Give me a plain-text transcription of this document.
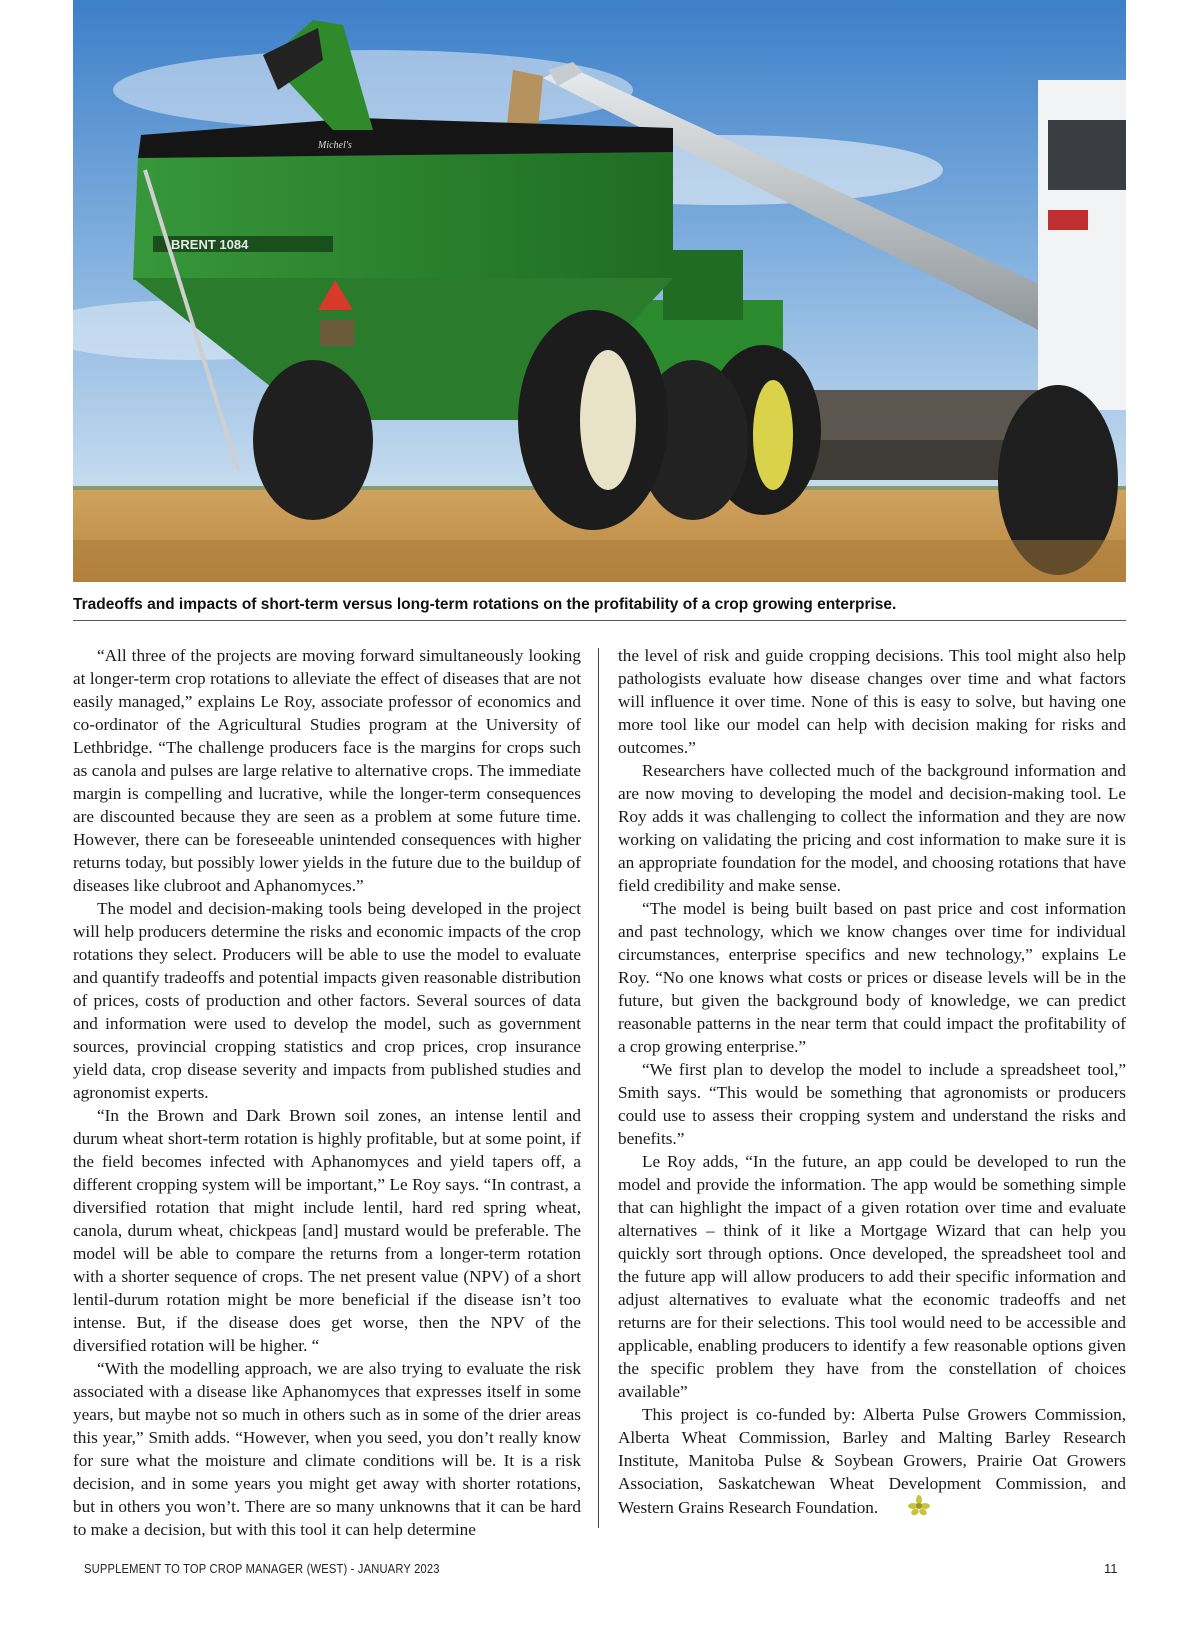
BRENT 1084
Michel's
Tradeoffs and impacts of short-term versus long-term rotations on the profitability of a crop growing enterprise.

“All three of the projects are moving forward simultaneously looking at longer-term crop rotations to alleviate the effect of diseases that are not easily managed,” explains Le Roy, associate professor of economics and co-ordinator of the Agricultural Studies program at the University of Lethbridge. “The challenge producers face is the margins for crops such as canola and pulses are large relative to alternative crops. The immediate margin is compelling and lucrative, while the longer-term consequences are discounted because they are seen as a problem at some future time. However, there can be foreseeable unintended consequences with higher returns today, but possibly lower yields in the future due to the buildup of diseases like clubroot and Aphanomyces.”

The model and decision-making tools being developed in the project will help producers determine the risks and economic impacts of the crop rotations they select. Producers will be able to use the model to evaluate and quantify tradeoffs and potential impacts given reasonable distribution of prices, costs of production and other factors. Several sources of data and information were used to develop the model, such as government sources, provincial cropping statistics and crop prices, crop insurance yield data, crop disease severity and impacts from published studies and agronomist experts.

“In the Brown and Dark Brown soil zones, an intense lentil and durum wheat short-term rotation is highly profitable, but at some point, if the field becomes infected with Aphanomyces and yield tapers off, a different cropping system will be important,” Le Roy says. “In contrast, a diversified rotation that might include lentil, hard red spring wheat, canola, durum wheat, chickpeas [and] mustard would be preferable. The model will be able to compare the returns from a longer-term rotation with a shorter sequence of crops. The net present value (NPV) of a short lentil-durum rotation might be more beneficial if the disease isn’t too intense. But, if the disease does get worse, then the NPV of the diversified rotation will be higher. “

“With the modelling approach, we are also trying to evaluate the risk associated with a disease like Aphanomyces that expresses itself in some years, but maybe not so much in others such as in some of the drier areas this year,” Smith adds. “However, when you seed, you don’t really know for sure what the moisture and climate conditions will be. It is a risk decision, and in some years you might get away with shorter rotations, but in others you won’t. There are so many unknowns that it can be hard to make a decision, but with this tool it can help determine

the level of risk and guide cropping decisions. This tool might also help pathologists evaluate how disease changes over time and what factors will influence it over time. None of this is easy to solve, but having one more tool like our model can help with decision making for risks and outcomes.”

Researchers have collected much of the background information and are now moving to developing the model and decision-making tool. Le Roy adds it was challenging to collect the information and they are now working on validating the pricing and cost information to make sure it is an appropriate foundation for the model, and choosing rotations that have field credibility and make sense.

“The model is being built based on past price and cost information and past technology, which we know changes over time for individual circumstances, enterprise specifics and new technology,” explains Le Roy. “No one knows what costs or prices or disease levels will be in the future, but given the background body of knowledge, we can predict reasonable patterns in the near term that could impact the profitability of a crop growing enterprise.”

“We first plan to develop the model to include a spreadsheet tool,” Smith says. “This would be something that agronomists or producers could use to assess their cropping system and understand the risks and benefits.”

Le Roy adds, “In the future, an app could be developed to run the model and provide the information. The app would be something simple that can highlight the impact of a given rotation over time and evaluate alternatives – think of it like a Mortgage Wizard that can help you quickly sort through options. Once developed, the spreadsheet tool and the future app will allow producers to add their specific information and adjust alternatives to evaluate what the economic tradeoffs and net returns are for their selections. This tool would need to be accessible and applicable, enabling producers to identify a few reasonable options given the specific problem they have from the constellation of choices available”

This project is co-funded by: Alberta Pulse Growers Commission, Alberta Wheat Commission, Barley and Malting Barley Research Institute, Manitoba Pulse & Soybean Growers, Prairie Oat Growers Association, Saskatchewan Wheat Development Commission, and Western Grains Research Foundation.

SUPPLEMENT TO TOP CROP MANAGER (WEST) - JANUARY 2023	11
